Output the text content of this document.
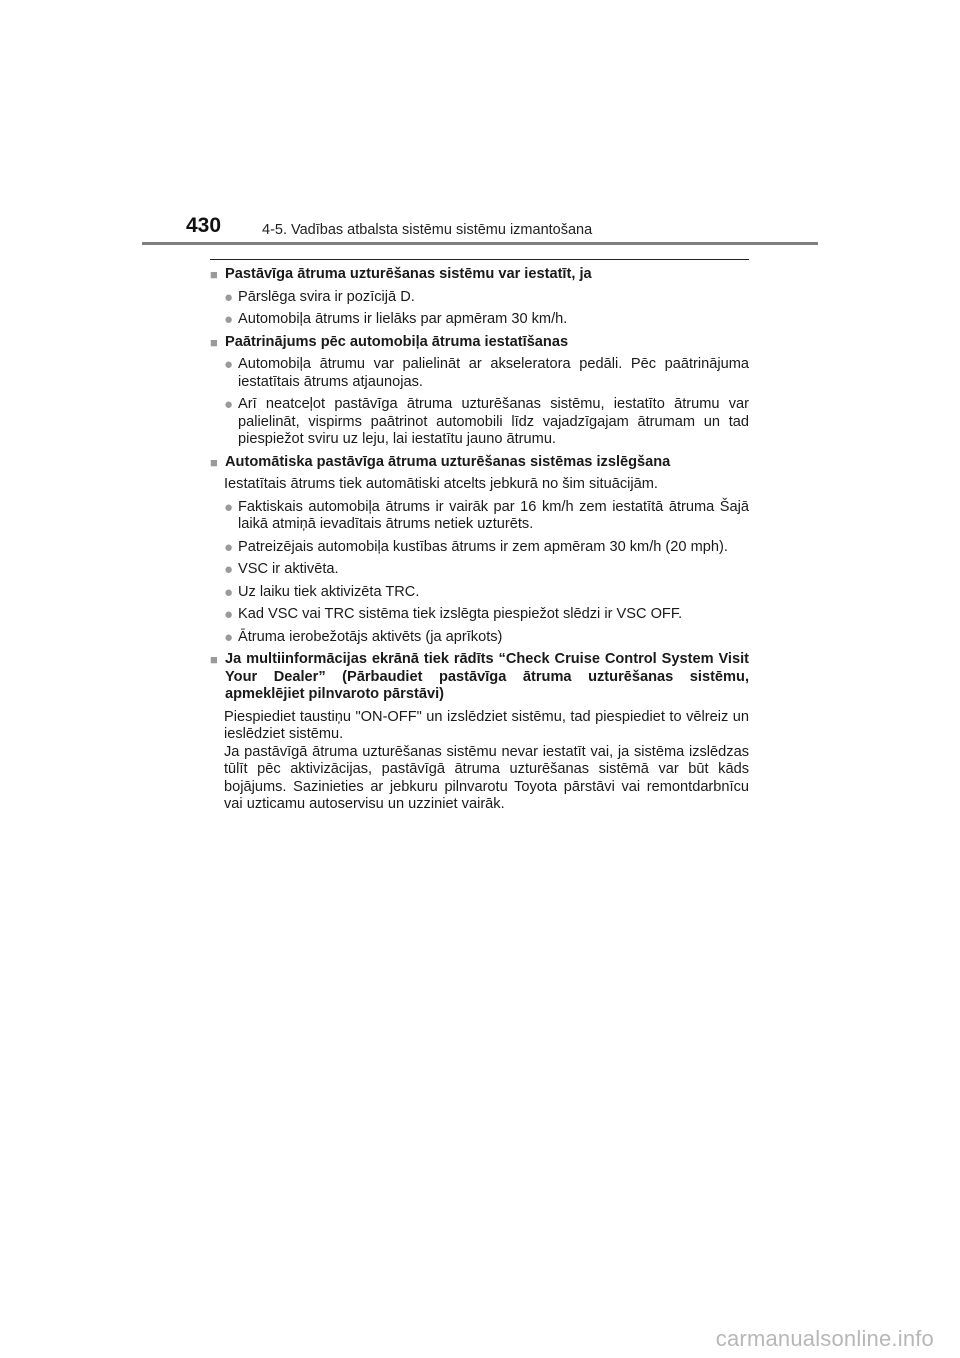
430	4-5. Vadības atbalsta sistēmu sistēmu izmantošana
■ Pastāvīga ātruma uzturēšanas sistēmu var iestatīt, ja
● Pārslēga svira ir pozīcijā D.
● Automobiļa ātrums ir lielāks par apmēram 30 km/h.
■ Paātrinājums pēc automobiļa ātruma iestatīšanas
● Automobiļa ātrumu var palielināt ar akseleratora pedāli. Pēc paātrinājuma iestatītais ātrums atjaunojas.
● Arī neatceļot pastāvīga ātruma uzturēšanas sistēmu, iestatīto ātrumu var palielināt, vispirms paātrinot automobili līdz vajadzīgajam ātrumam un tad piespiežot sviru uz leju, lai iestatītu jauno ātrumu.
■ Automātiska pastāvīga ātruma uzturēšanas sistēmas izslēgšana
Iestatītais ātrums tiek automātiski atcelts jebkurā no šim situācijām.
● Faktiskais automobiļa ātrums ir vairāk par 16 km/h zem iestatītā ātruma Šajā laikā atmiņā ievadītais ātrums netiek uzturēts.
● Patreizējais automobiļa kustības ātrums ir zem apmēram 30 km/h (20 mph).
● VSC ir aktivēta.
● Uz laiku tiek aktivizēta TRC.
● Kad VSC vai TRC sistēma tiek izslēgta piespiežot slēdzi ir VSC OFF.
● Ātruma ierobežotājs aktivēts (ja aprīkots)
■ Ja multiinformācijas ekrānā tiek rādīts “Check Cruise Control System Visit Your Dealer” (Pārbaudiet pastāvīga ātruma uzturēšanas sistēmu, apmeklējiet pilnvaroto pārstāvi)
Piespiediet taustiņu "ON-OFF" un izslēdziet sistēmu, tad piespiediet to vēlreiz un ieslēdziet sistēmu.
Ja pastāvīgā ātruma uzturēšanas sistēmu nevar iestatīt vai, ja sistēma izslēdzas tūlīt pēc aktivizācijas, pastāvīgā ātruma uzturēšanas sistēmā var būt kāds bojājums. Sazinieties ar jebkuru pilnvarotu Toyota pārstāvi vai remontdarbnīcu vai uzticamu autoservisu un uzziniet vairāk.
carmanualsonline.info
